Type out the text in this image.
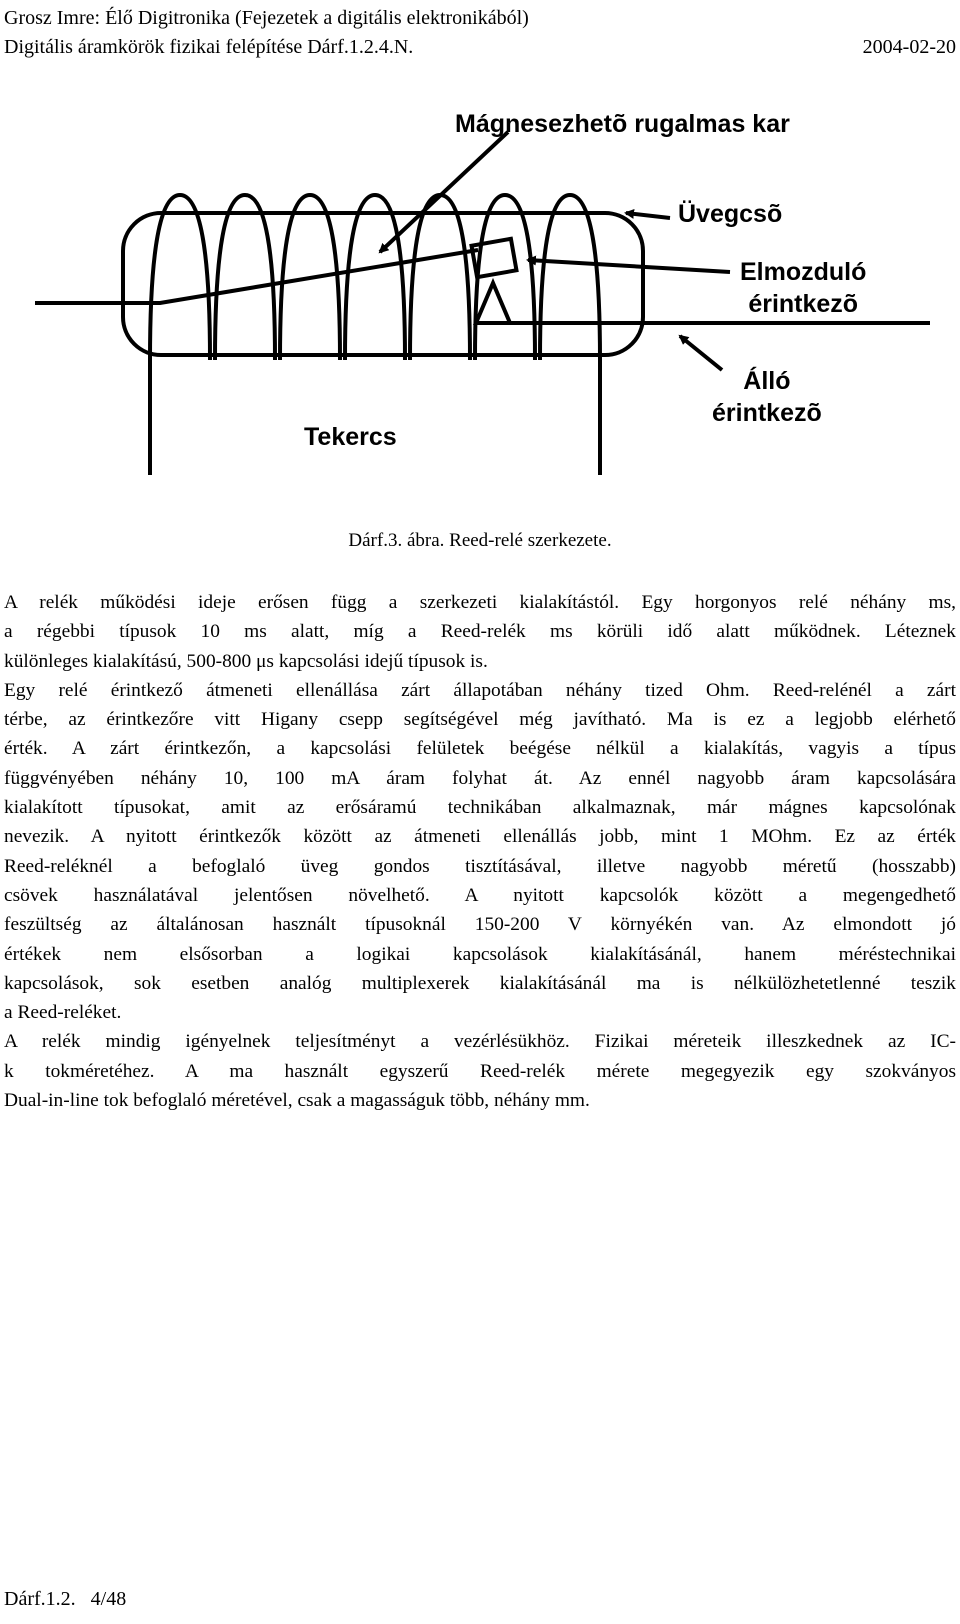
Grosz Imre: Élő Digitronika (Fejezetek a digitális elektronikából)
Digitális áramkörök fizikai felépítése Dárf.1.2.4.N.	2004-02-20
Mágnesezhetõ rugalmas kar
Üvegcsõ
Elmozduló
érintkezõ
Álló
érintkezõ
Tekercs
Dárf.3. ábra. Reed-relé szerkezete.

A relék működési ideje erősen függ a szerkezeti kialakítástól. Egy horgonyos relé néhány ms,

a régebbi típusok 10 ms alatt, míg a Reed-relék ms körüli idő alatt működnek. Léteznek

különleges kialakítású, 500-800 μs kapcsolási idejű típusok is.

Egy relé érintkező átmeneti ellenállása zárt állapotában néhány tized Ohm. Reed-relénél a zárt

térbe, az érintkezőre vitt Higany csepp segítségével még javítható. Ma is ez a legjobb elérhető

érték. A zárt érintkezőn, a kapcsolási felületek beégése nélkül a kialakítás, vagyis a típus

függvényében néhány 10, 100 mA áram folyhat át. Az ennél nagyobb áram kapcsolására

kialakított típusokat, amit az erősáramú technikában alkalmaznak, már mágnes kapcsolónak

nevezik. A nyitott érintkezők között az átmeneti ellenállás jobb, mint 1 MOhm. Ez az érték

Reed-reléknél a befoglaló üveg gondos tisztításával, illetve nagyobb méretű (hosszabb)

csövek használatával jelentősen növelhető. A nyitott kapcsolók között a megengedhető

feszültség az általánosan használt típusoknál 150-200 V környékén van. Az elmondott jó

értékek nem elsősorban a logikai kapcsolások kialakításánál, hanem méréstechnikai

kapcsolások, sok esetben analóg multiplexerek kialakításánál ma is nélkülözhetetlenné teszik

a Reed-reléket.

A relék mindig igényelnek teljesítményt a vezérlésükhöz. Fizikai méreteik illeszkednek az IC-

k tokméretéhez. A ma használt egyszerű Reed-relék mérete megegyezik egy szokványos

Dual-in-line tok befoglaló méretével, csak a magasságuk több, néhány mm.

Dárf.1.2. 4/48
